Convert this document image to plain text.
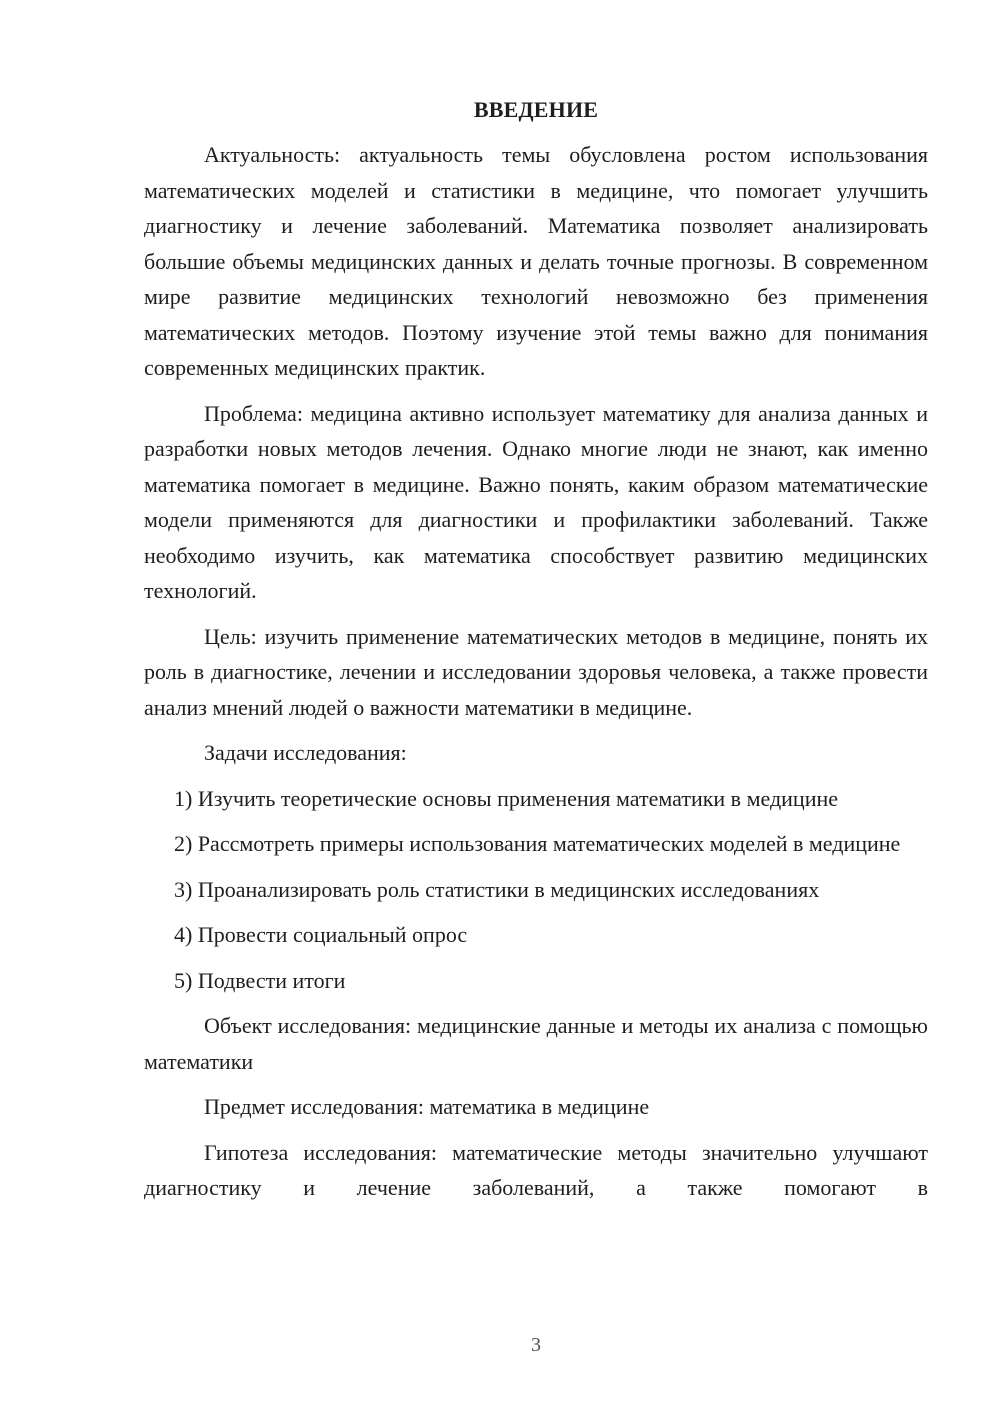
ВВЕДЕНИЕ

Актуальность: актуальность темы обусловлена ростом использования математических моделей и статистики в медицине, что помогает улучшить диагностику и лечение заболеваний. Математика позволяет анализировать большие объемы медицинских данных и делать точные прогнозы. В современном мире развитие медицинских технологий невозможно без применения математических методов. Поэтому изучение этой темы важно для понимания современных медицинских практик.

Проблема: медицина активно использует математику для анализа данных и разработки новых методов лечения. Однако многие люди не знают, как именно математика помогает в медицине. Важно понять, каким образом математические модели применяются для диагностики и профилактики заболеваний. Также необходимо изучить, как математика способствует развитию медицинских технологий.

Цель: изучить применение математических методов в медицине, понять их роль в диагностике, лечении и исследовании здоровья человека, а также провести анализ мнений людей о важности математики в медицине.

Задачи исследования:

1) Изучить теоретические основы применения математики в медицине

2) Рассмотреть примеры использования математических моделей в медицине

3) Проанализировать роль статистики в медицинских исследованиях

4) Провести социальный опрос

5) Подвести итоги

Объект исследования: медицинские данные и методы их анализа с помощью математики

Предмет исследования: математика в медицине

Гипотеза исследования: математические методы значительно улучшают диагностику и лечение заболеваний, а также помогают в

3
